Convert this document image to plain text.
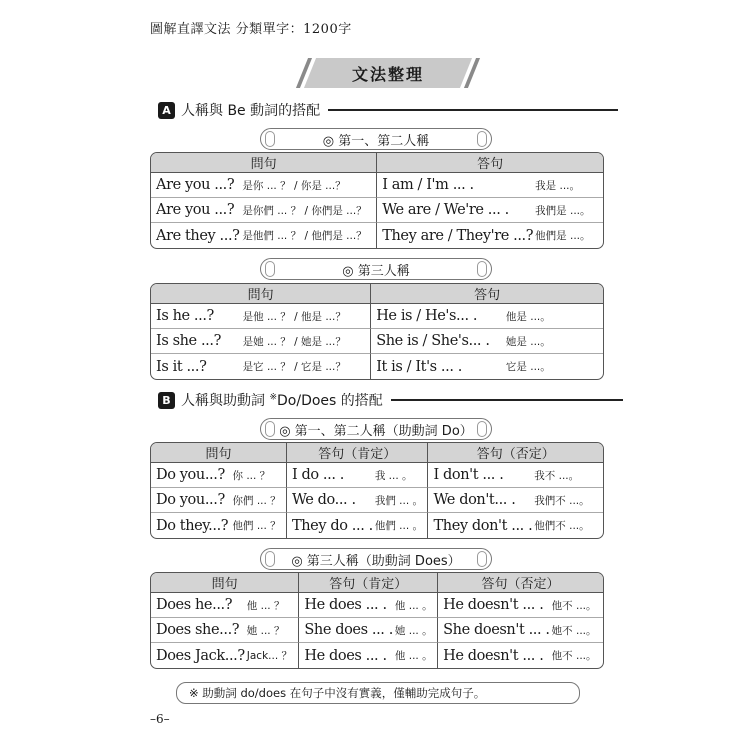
圖解直譯文法 分類單字：1200字
文法整理
A 人稱與 Be 動詞的搭配
◎ 第一、第二人稱
問句		答句	
Are you ...?	是你 ... ？ / 你是 ...？	I am / I'm ... .	我是 ...。
Are you ...?	是你們 ... ？ / 你們是 ...？	We are / We're ... .	我們是 ...。
Are they ...?	是他們 ... ？ / 他們是 ...？	They are / They're ...?	他們是 ...。
◎ 第三人稱
問句		答句	
Is he ...?	是他 ... ？ / 他是 ...？	He is / He's... .	他是 ...。
Is she ...?	是她 ... ？ / 她是 ...？	She is / She's... .	她是 ...。
Is it ...?	是它 ... ？ / 它是 ...？	It is / It's ... .	它是 ...。
B 人稱與助動詞 ※Do/Does 的搭配
◎ 第一、第二人稱（助動詞 Do）
問句		答句（肯定）		答句（否定）	
Do you...?	你 ... ？	I do ... .	我 ... 。	I don't ... .	我不 ...。
Do you...?	你們 ... ？	We do... .	我們 ... 。	We don't... .	我們不 ...。
Do they...?	他們 ... ？	They do ... .	他們 ... 。	They don't ... .	他們不 ...。
◎ 第三人稱（助動詞 Does）
問句		答句（肯定）		答句（否定）	
Does he...?	他 ... ？	He does ... .	他 ... 。	He doesn't ... .	他不 ...。
Does she...?	她 ... ？	She does ... .	她 ... 。	She doesn't ... .	她不 ...。
Does Jack...?	Jack... ？	He does ... .	他 ... 。	He doesn't ... .	他不 ...。
※ 助動詞 do/does 在句子中沒有實義，僅輔助完成句子。
–6–
